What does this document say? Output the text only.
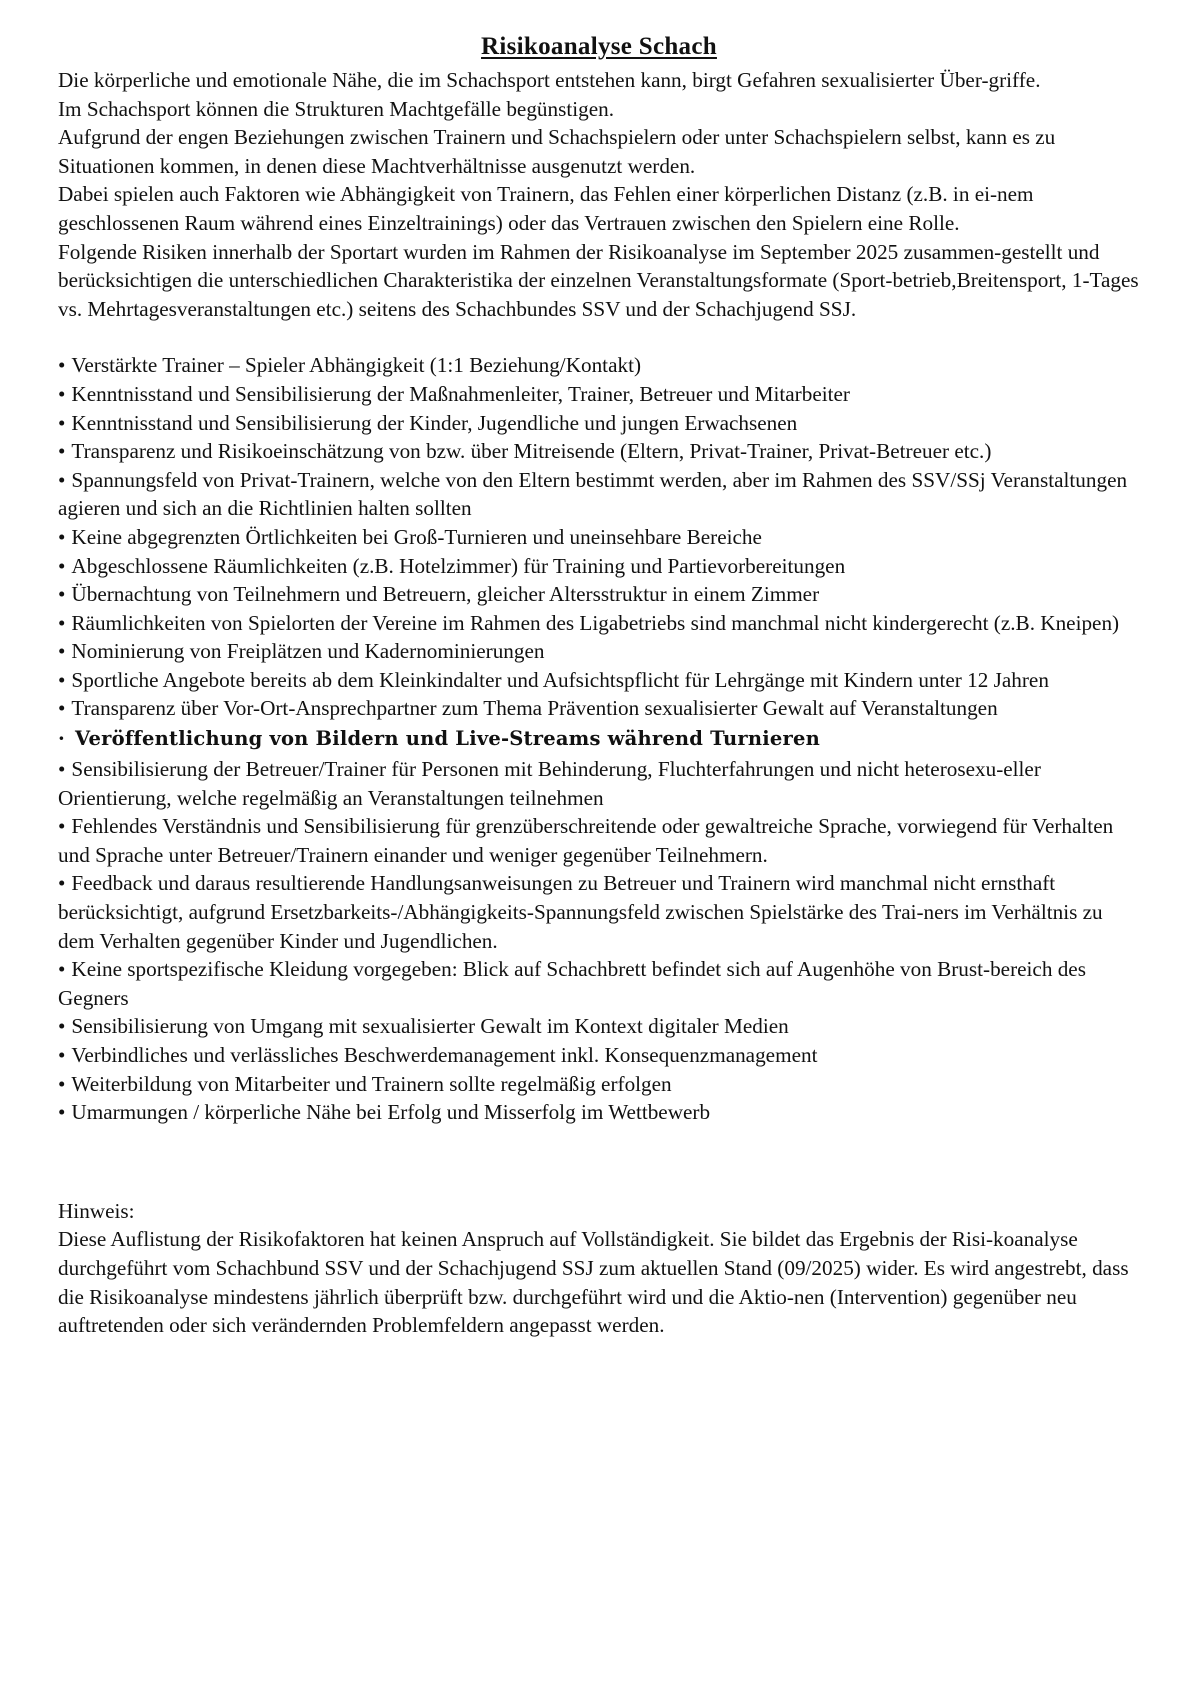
Risikoanalyse Schach

Die körperliche und emotionale Nähe, die im Schachsport entstehen kann, birgt Gefahren sexualisierter Über-griffe.

Im Schachsport können die Strukturen Machtgefälle begünstigen.

Aufgrund der engen Beziehungen zwischen Trainern und Schachspielern oder unter Schachspielern selbst, kann es zu Situationen kommen, in denen diese Machtverhältnisse ausgenutzt werden.

Dabei spielen auch Faktoren wie Abhängigkeit von Trainern, das Fehlen einer körperlichen Distanz (z.B. in ei-nem geschlossenen Raum während eines Einzeltrainings) oder das Vertrauen zwischen den Spielern eine Rolle.

Folgende Risiken innerhalb der Sportart wurden im Rahmen der Risikoanalyse im September 2025 zusammen-gestellt und berücksichtigen die unterschiedlichen Charakteristika der einzelnen Veranstaltungsformate (Sport-betrieb,Breitensport, 1-Tages vs. Mehrtagesveranstaltungen etc.) seitens des Schachbundes SSV und der Schachjugend SSJ.

• Verstärkte Trainer – Spieler Abhängigkeit (1:1 Beziehung/Kontakt)
• Kenntnisstand und Sensibilisierung der Maßnahmenleiter, Trainer, Betreuer und Mitarbeiter
• Kenntnisstand und Sensibilisierung der Kinder, Jugendliche und jungen Erwachsenen
• Transparenz und Risikoeinschätzung von bzw. über Mitreisende (Eltern, Privat-Trainer, Privat-Betreuer etc.)
• Spannungsfeld von Privat-Trainern, welche von den Eltern bestimmt werden, aber im Rahmen des SSV/SSj Veranstaltungen agieren und sich an die Richtlinien halten sollten
• Keine abgegrenzten Örtlichkeiten bei Groß-Turnieren und uneinsehbare Bereiche
• Abgeschlossene Räumlichkeiten (z.B. Hotelzimmer) für Training und Partievorbereitungen
• Übernachtung von Teilnehmern und Betreuern, gleicher Altersstruktur in einem Zimmer
• Räumlichkeiten von Spielorten der Vereine im Rahmen des Ligabetriebs sind manchmal nicht kindergerecht (z.B. Kneipen)
• Nominierung von Freiplätzen und Kadernominierungen
• Sportliche Angebote bereits ab dem Kleinkindalter und Aufsichtspflicht für Lehrgänge mit Kindern unter 12 Jahren
• Transparenz über Vor-Ort-Ansprechpartner zum Thema Prävention sexualisierter Gewalt auf Veranstaltungen
· Veröffentlichung von Bildern und Live-Streams während Turnieren
• Sensibilisierung der Betreuer/Trainer für Personen mit Behinderung, Fluchterfahrungen und nicht heterosexu-eller Orientierung, welche regelmäßig an Veranstaltungen teilnehmen
• Fehlendes Verständnis und Sensibilisierung für grenzüberschreitende oder gewaltreiche Sprache, vorwiegend für Verhalten und Sprache unter Betreuer/Trainern einander und weniger gegenüber Teilnehmern.
• Feedback und daraus resultierende Handlungsanweisungen zu Betreuer und Trainern wird manchmal nicht ernsthaft berücksichtigt, aufgrund Ersetzbarkeits-/Abhängigkeits-Spannungsfeld zwischen Spielstärke des Trai-ners im Verhältnis zu dem Verhalten gegenüber Kinder und Jugendlichen.
• Keine sportspezifische Kleidung vorgegeben: Blick auf Schachbrett befindet sich auf Augenhöhe von Brust-bereich des Gegners
• Sensibilisierung von Umgang mit sexualisierter Gewalt im Kontext digitaler Medien
• Verbindliches und verlässliches Beschwerdemanagement inkl. Konsequenzmanagement
• Weiterbildung von Mitarbeiter und Trainern sollte regelmäßig erfolgen
• Umarmungen / körperliche Nähe bei Erfolg und Misserfolg im Wettbewerb

Hinweis:

Diese Auflistung der Risikofaktoren hat keinen Anspruch auf Vollständigkeit. Sie bildet das Ergebnis der Risi-koanalyse durchgeführt vom Schachbund SSV und der Schachjugend SSJ zum aktuellen Stand (09/2025) wider. Es wird angestrebt, dass die Risikoanalyse mindestens jährlich überprüft bzw. durchgeführt wird und die Aktio-nen (Intervention) gegenüber neu auftretenden oder sich verändernden Problemfeldern angepasst werden.
